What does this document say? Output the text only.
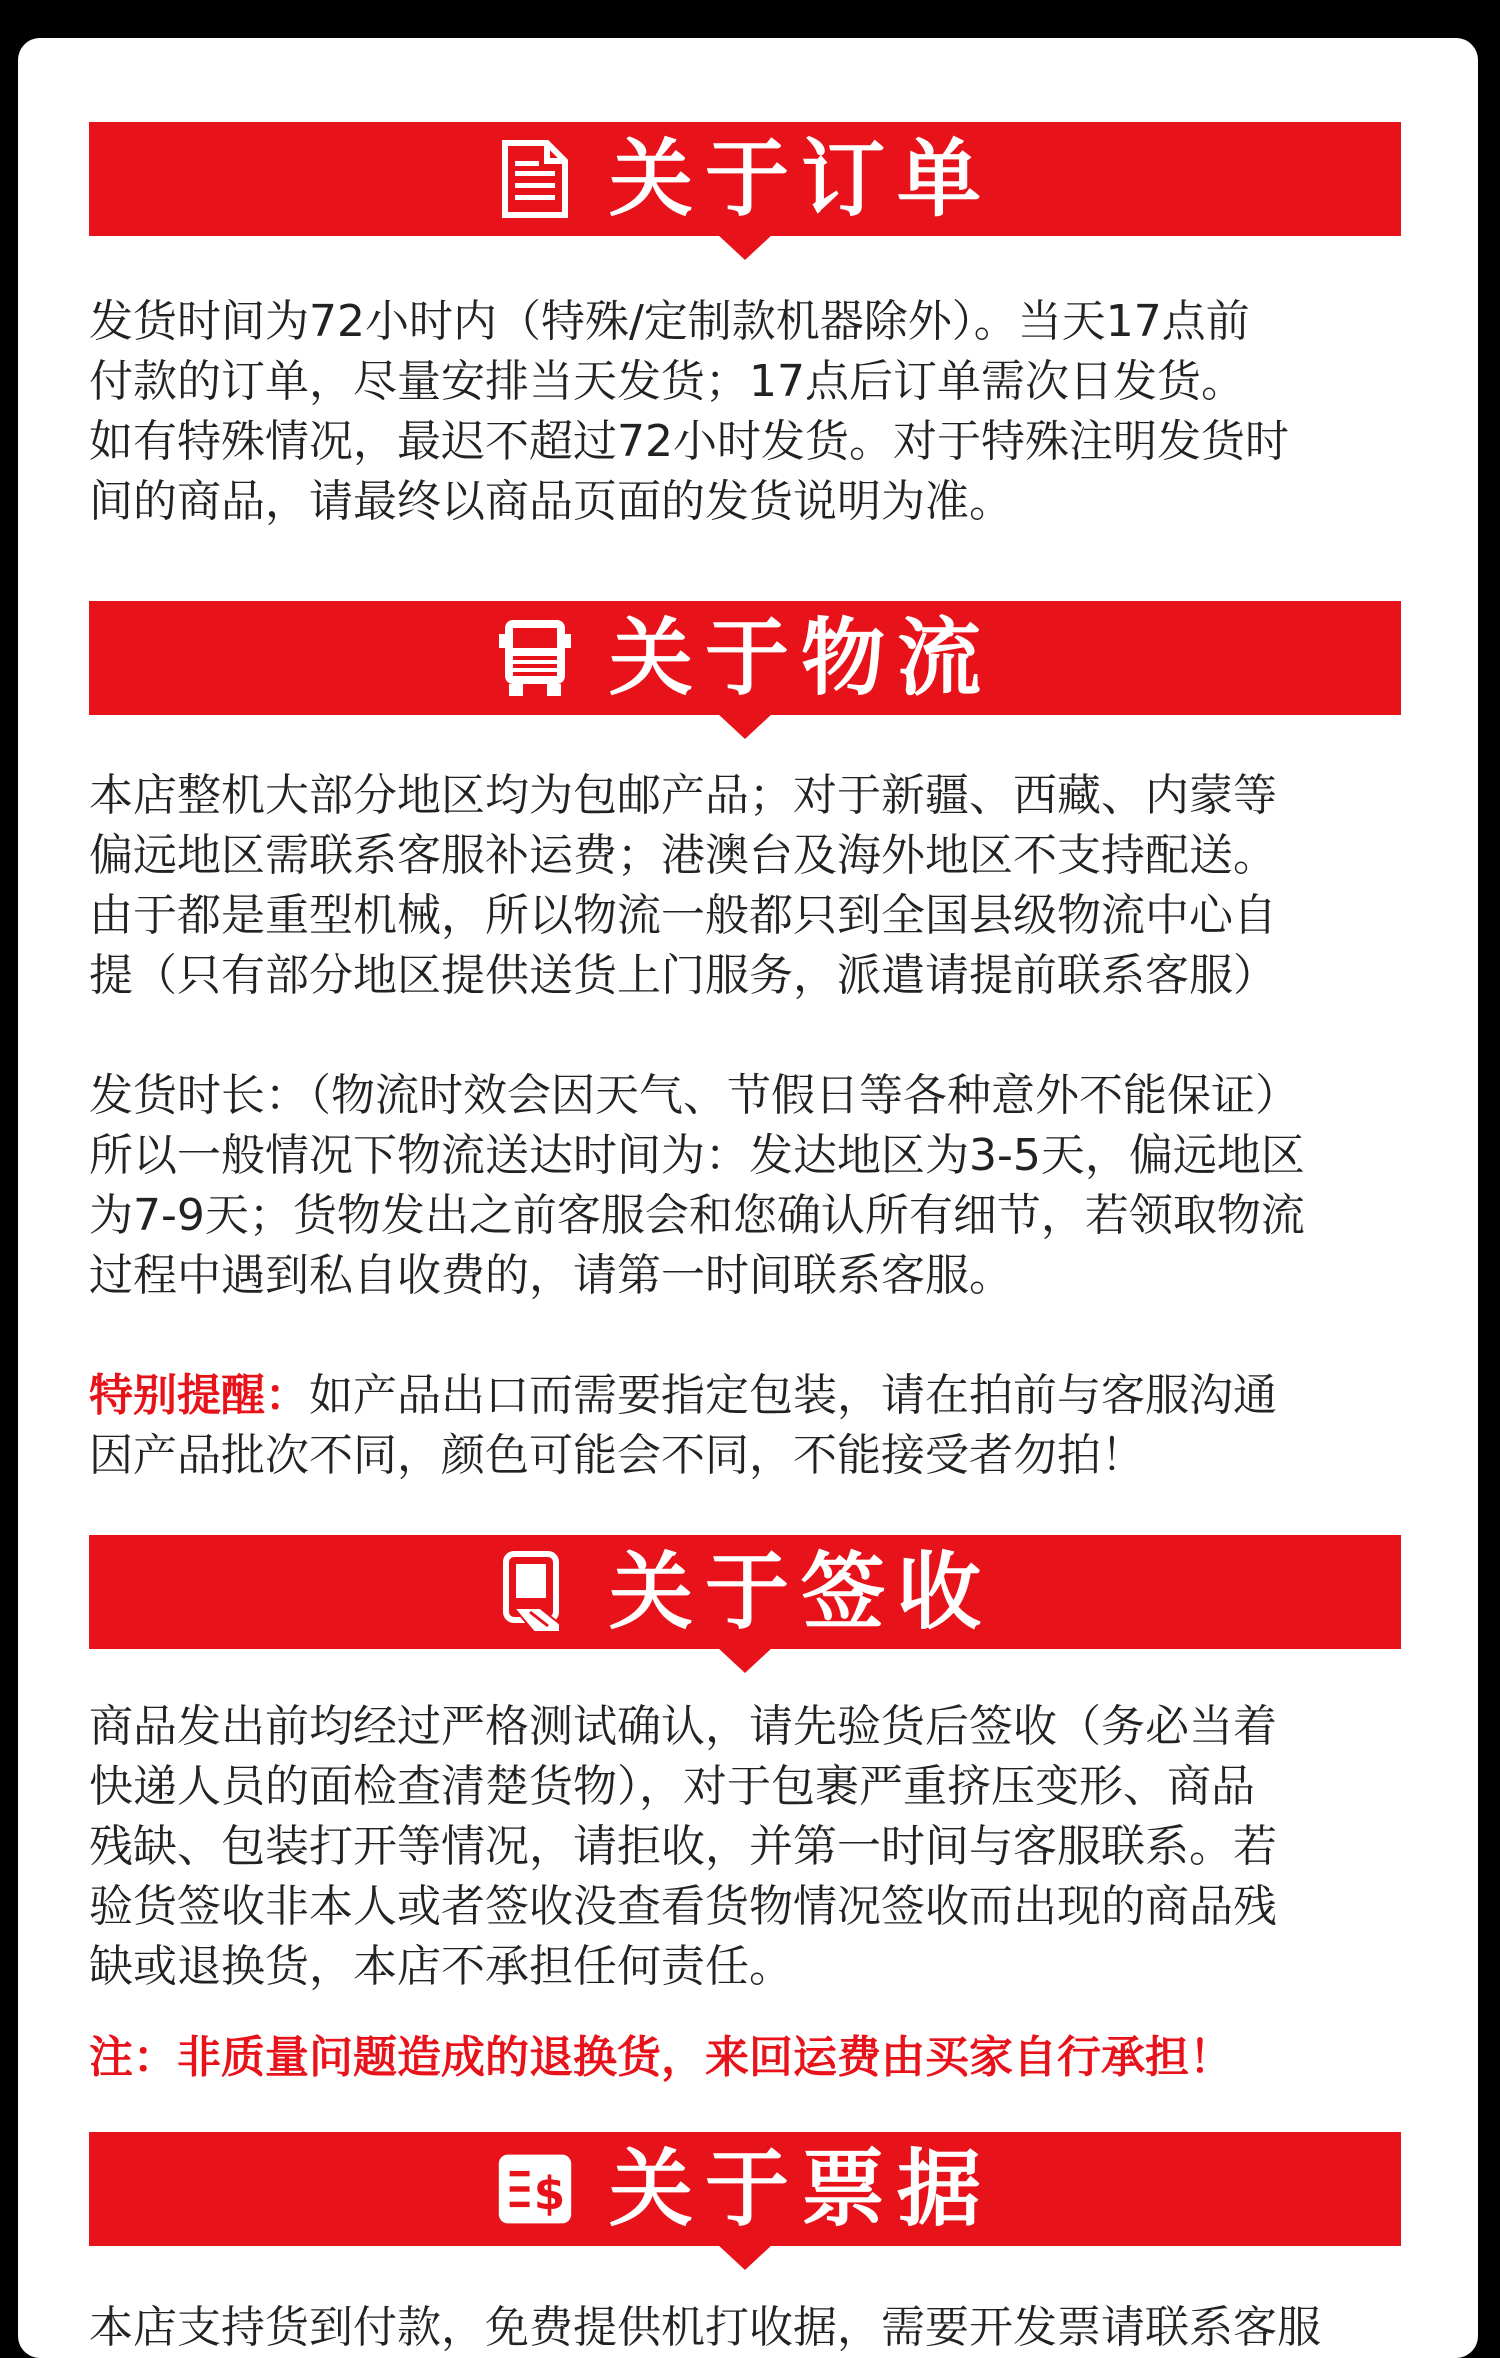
关于订单

发货时间为72小时内（特殊/定制款机器除外）。当天17点前

付款的订单，尽量安排当天发货；17点后订单需次日发货。

如有特殊情况，最迟不超过72小时发货。对于特殊注明发货时

间的商品，请最终以商品页面的发货说明为准。

关于物流

本店整机大部分地区均为包邮产品；对于新疆、西藏、内蒙等

偏远地区需联系客服补运费；港澳台及海外地区不支持配送。

由于都是重型机械，所以物流一般都只到全国县级物流中心自

提（只有部分地区提供送货上门服务，派遣请提前联系客服）

发货时长：（物流时效会因天气、节假日等各种意外不能保证）

所以一般情况下物流送达时间为：发达地区为3-5天，偏远地区

为7-9天；货物发出之前客服会和您确认所有细节，若领取物流

过程中遇到私自收费的，请第一时间联系客服。

特别提醒：如产品出口而需要指定包装，请在拍前与客服沟通

因产品批次不同，颜色可能会不同，不能接受者勿拍！

关于签收

商品发出前均经过严格测试确认，请先验货后签收（务必当着

快递人员的面检查清楚货物），对于包裹严重挤压变形、商品

残缺、包装打开等情况，请拒收，并第一时间与客服联系。若

验货签收非本人或者签收没查看货物情况签收而出现的商品残

缺或退换货，本店不承担任何责任。

注：非质量问题造成的退换货，来回运费由买家自行承担！
$ 关于票据

本店支持货到付款，免费提供机打收据，需要开发票请联系客服
